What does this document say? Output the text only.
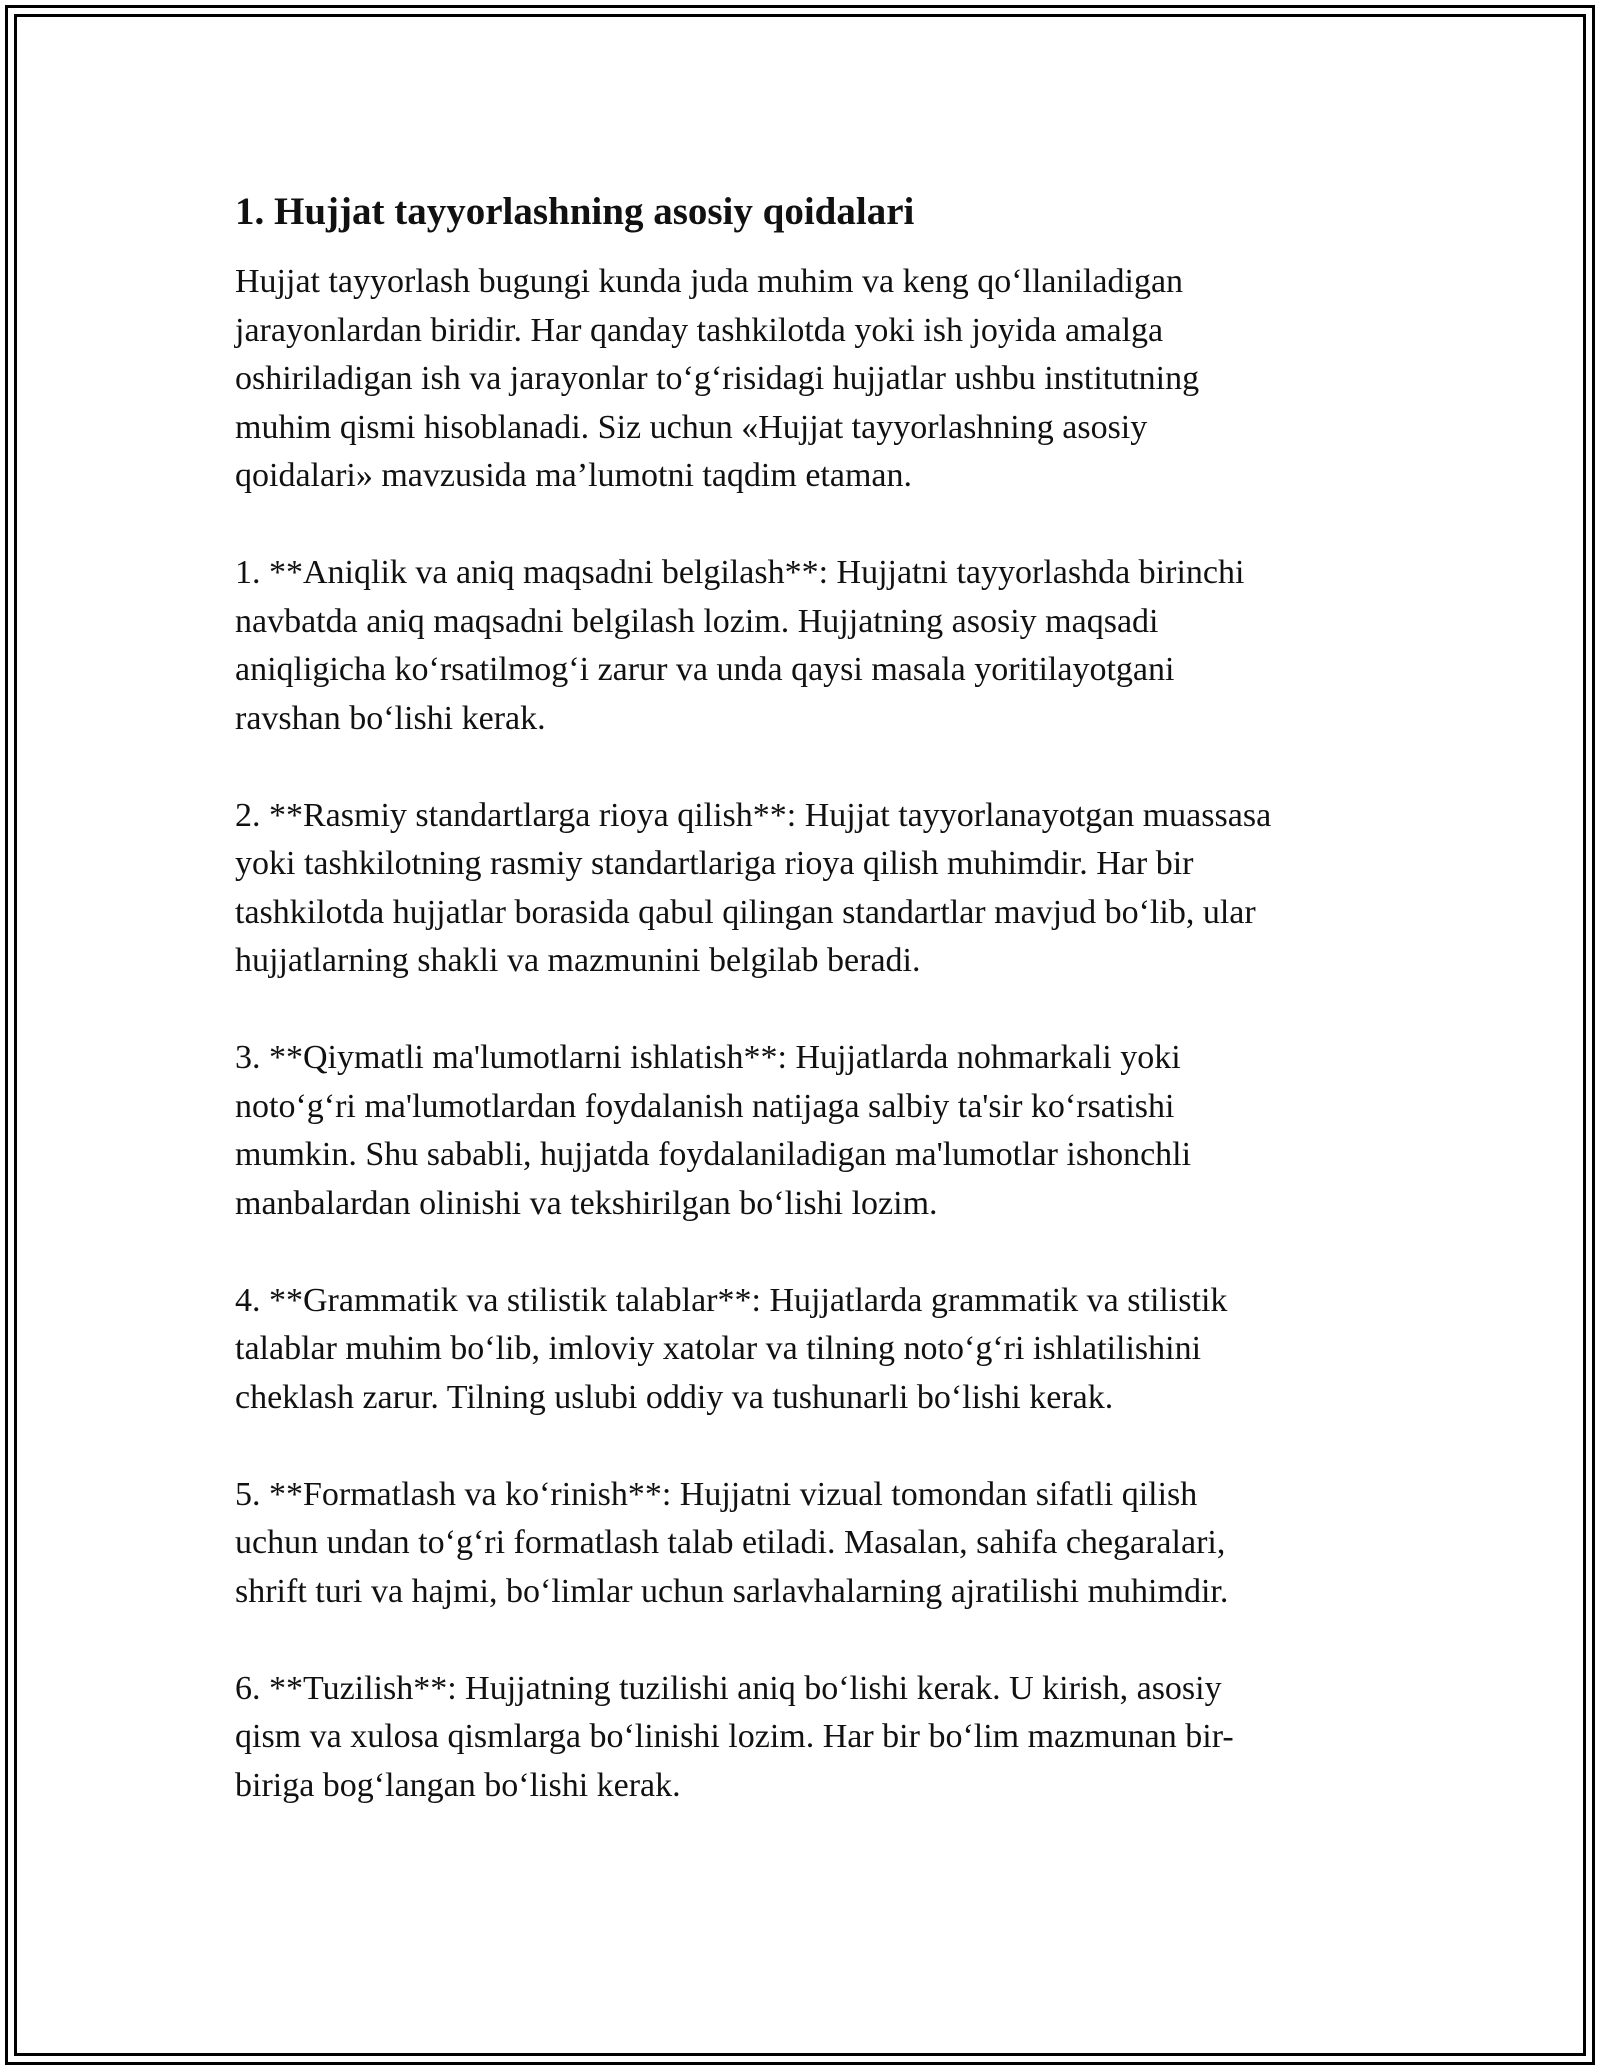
1. Hujjat tayyorlashning asosiy qoidalari
Hujjat tayyorlash bugungi kunda juda muhim va keng qoʻllaniladigan
jarayonlardan biridir. Har qanday tashkilotda yoki ish joyida amalga
oshiriladigan ish va jarayonlar toʻgʻrisidagi hujjatlar ushbu institutning
muhim qismi hisoblanadi. Siz uchun «Hujjat tayyorlashning asosiy
qoidalari» mavzusida ma’lumotni taqdim etaman.
1. **Aniqlik va aniq maqsadni belgilash**: Hujjatni tayyorlashda birinchi
navbatda aniq maqsadni belgilash lozim. Hujjatning asosiy maqsadi
aniqligicha koʻrsatilmogʻi zarur va unda qaysi masala yoritilayotgani
ravshan boʻlishi kerak.
2. **Rasmiy standartlarga rioya qilish**: Hujjat tayyorlanayotgan muassasa
yoki tashkilotning rasmiy standartlariga rioya qilish muhimdir. Har bir
tashkilotda hujjatlar borasida qabul qilingan standartlar mavjud boʻlib, ular
hujjatlarning shakli va mazmunini belgilab beradi.
3. **Qiymatli ma'lumotlarni ishlatish**: Hujjatlarda nohmarkali yoki
notoʻgʻri ma'lumotlardan foydalanish natijaga salbiy ta'sir koʻrsatishi
mumkin. Shu sababli, hujjatda foydalaniladigan ma'lumotlar ishonchli
manbalardan olinishi va tekshirilgan boʻlishi lozim.
4. **Grammatik va stilistik talablar**: Hujjatlarda grammatik va stilistik
talablar muhim boʻlib, imloviy xatolar va tilning notoʻgʻri ishlatilishini
cheklash zarur. Tilning uslubi oddiy va tushunarli boʻlishi kerak.
5. **Formatlash va koʻrinish**: Hujjatni vizual tomondan sifatli qilish
uchun undan toʻgʻri formatlash talab etiladi. Masalan, sahifa chegaralari,
shrift turi va hajmi, boʻlimlar uchun sarlavhalarning ajratilishi muhimdir.
6. **Tuzilish**: Hujjatning tuzilishi aniq boʻlishi kerak. U kirish, asosiy
qism va xulosa qismlarga boʻlinishi lozim. Har bir boʻlim mazmunan bir-
biriga bogʻlangan boʻlishi kerak.
